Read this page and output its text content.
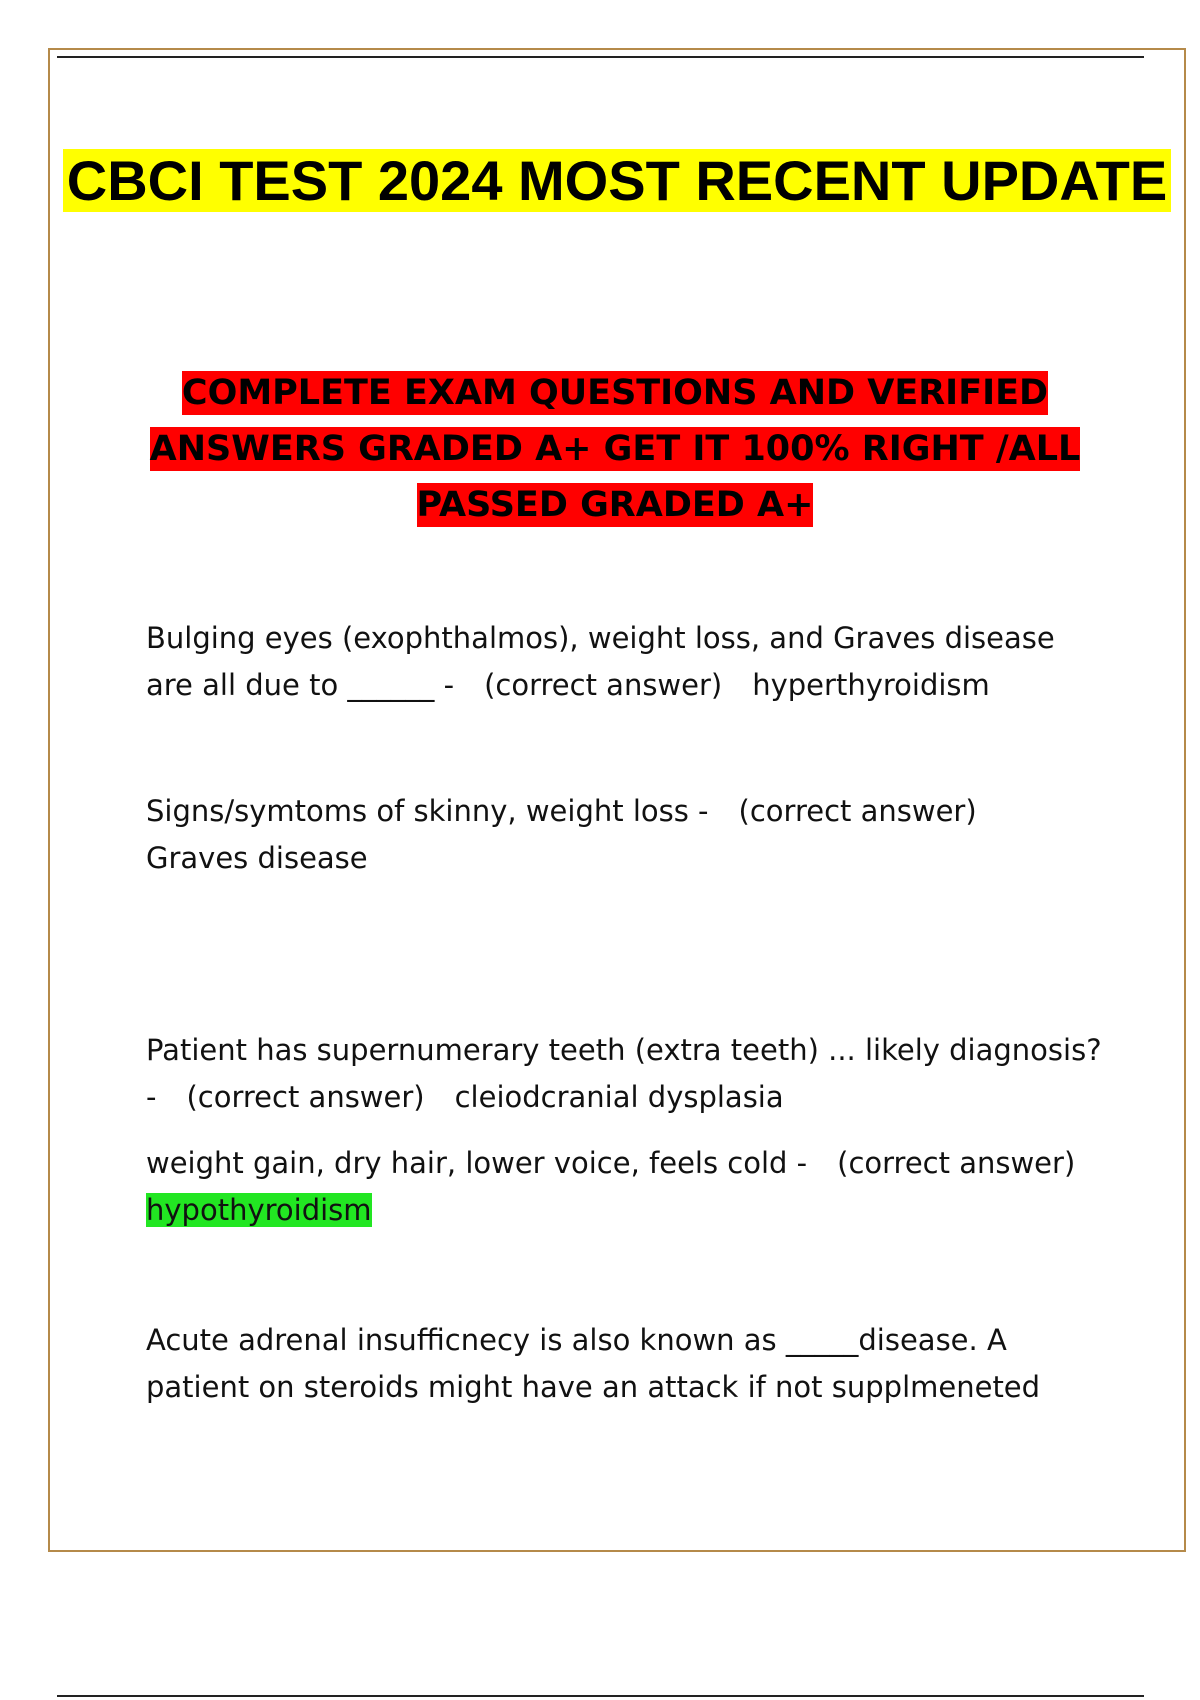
CBCI TEST 2024 MOST RECENT UPDATE

COMPLETE EXAM QUESTIONS AND VERIFIED ANSWERS GRADED A+ GET IT 100% RIGHT /ALL PASSED GRADED A+

Bulging eyes (exophthalmos), weight loss, and Graves disease are all due to ______ - (correct answer) hyperthyroidism

Signs/symtoms of skinny, weight loss - (correct answer)
Graves disease

Patient has supernumerary teeth (extra teeth) ... likely diagnosis? - (correct answer) cleiodcranial dysplasia

weight gain, dry hair, lower voice, feels cold - (correct answer)
hypothyroidism

Acute adrenal insufficnecy is also known as _____disease. A patient on steroids might have an attack if not supplmeneted
